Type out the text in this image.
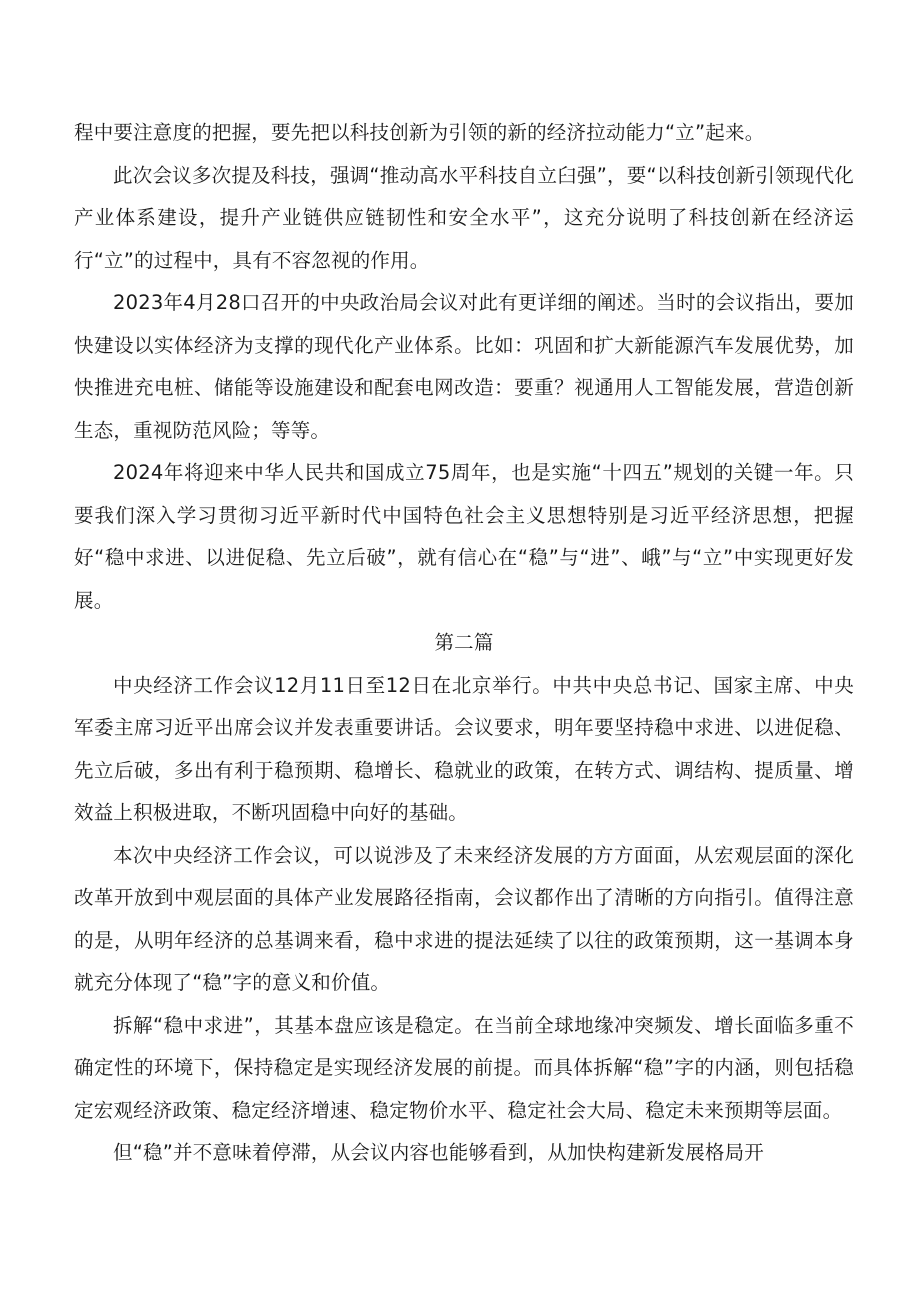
程中要注意度的把握，要先把以科技创新为引领的新的经济拉动能力“立”起来。

此次会议多次提及科技，强调“推动高水平科技自立臼强”，要“以科技创新引领现代化产业体系建设，提升产业链供应链韧性和安全水平”，这充分说明了科技创新在经济运行“立”的过程中，具有不容忽视的作用。

2023年4月28口召开的中央政治局会议对此有更详细的阐述。当时的会议指出，要加快建设以实体经济为支撑的现代化产业体系。比如：巩固和扩大新能源汽车发展优势，加快推进充电桩、储能等设施建设和配套电网改造：要重？视通用人工智能发展，营造创新生态，重视防范风险；等等。

2024年将迎来中华人民共和国成立75周年，也是实施“十四五”规划的关键一年。只要我们深入学习贯彻习近平新时代中国特色社会主义思想特别是习近平经济思想，把握好“稳中求进、以进促稳、先立后破”，就有信心在“稳”与“进”、峨”与“立”中实现更好发展。

第二篇

中央经济工作会议12月11日至12日在北京举行。中共中央总书记、国家主席、中央军委主席习近平出席会议并发表重要讲话。会议要求，明年要坚持稳中求进、以进促稳、先立后破，多出有利于稳预期、稳增长、稳就业的政策，在转方式、调结构、提质量、增效益上积极进取，不断巩固稳中向好的基础。

本次中央经济工作会议，可以说涉及了未来经济发展的方方面面，从宏观层面的深化改革开放到中观层面的具体产业发展路径指南，会议都作出了清晰的方向指引。值得注意的是，从明年经济的总基调来看，稳中求进的提法延续了以往的政策预期，这一基调本身就充分体现了“稳”字的意义和价值。

拆解“稳中求进”，其基本盘应该是稳定。在当前全球地缘冲突频发、增长面临多重不确定性的环境下，保持稳定是实现经济发展的前提。而具体拆解“稳”字的内涵，则包括稳定宏观经济政策、稳定经济增速、稳定物价水平、稳定社会大局、稳定未来预期等层面。

但“稳”并不意味着停滞，从会议内容也能够看到，从加快构建新发展格局开
